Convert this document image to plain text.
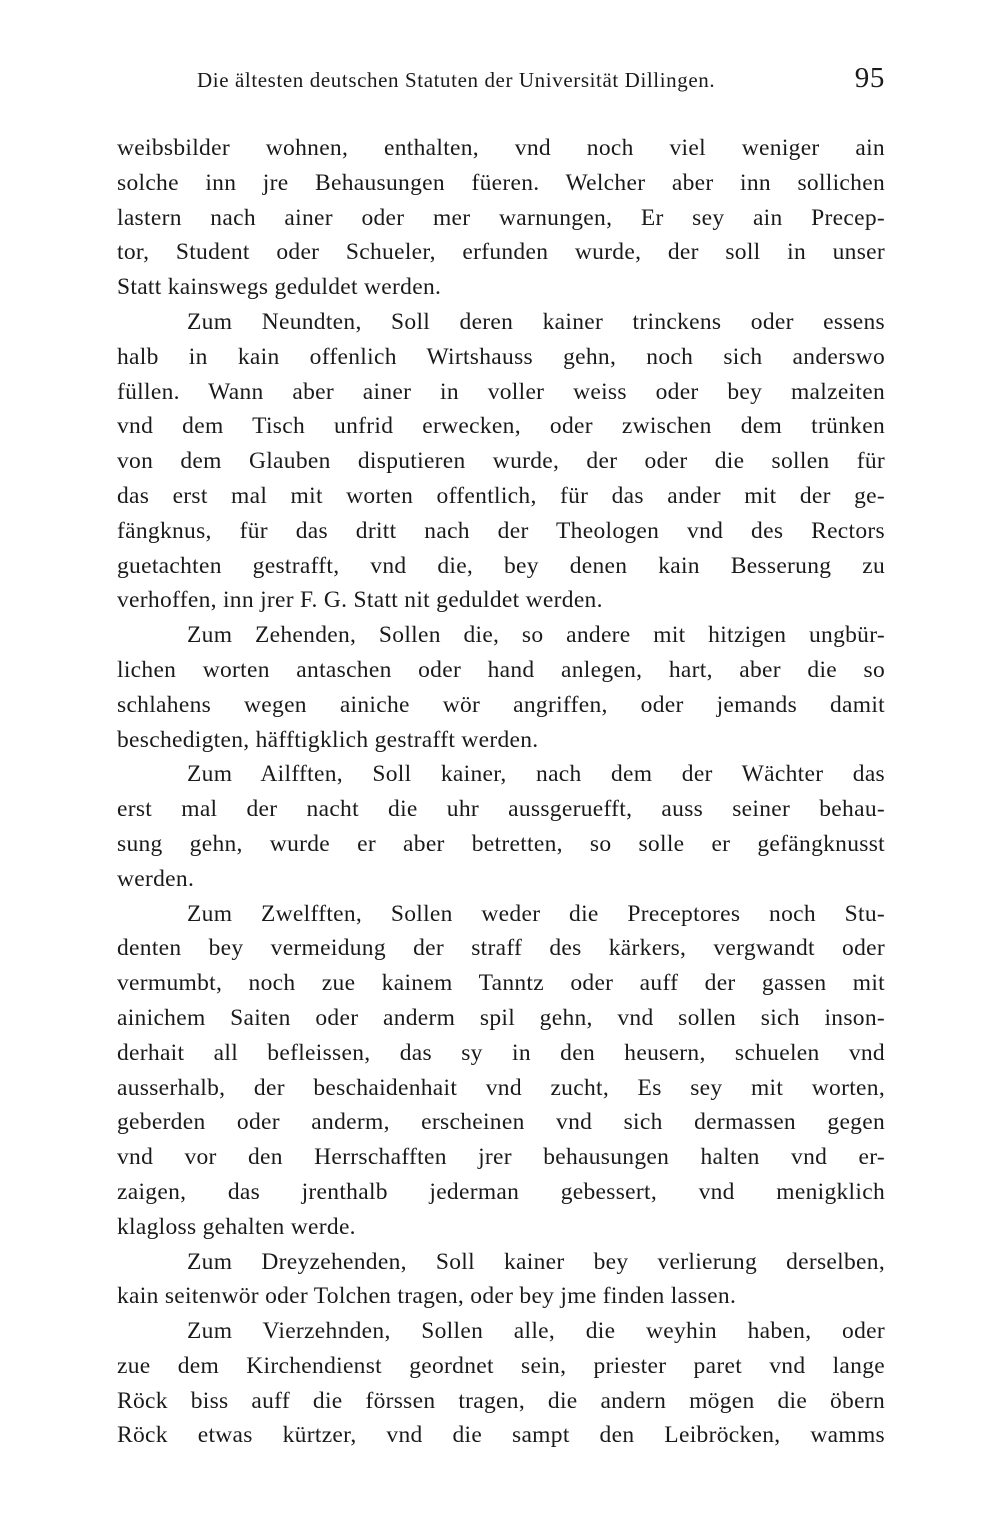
Die ältesten deutschen Statuten der Universität Dillingen.	95
weibsbilder wohnen, enthalten, vnd noch viel weniger ain
solche inn jre Behausungen füeren. Welcher aber inn sollichen
lastern nach ainer oder mer warnungen, Er sey ain Precep-
tor, Student oder Schueler, erfunden wurde, der soll in unser
Statt kainswegs geduldet werden.
Zum Neundten, Soll deren kainer trinckens oder essens
halb in kain offenlich Wirtshauss gehn, noch sich anderswo
füllen. Wann aber ainer in voller weiss oder bey malzeiten
vnd dem Tisch unfrid erwecken, oder zwischen dem trünken
von dem Glauben disputieren wurde, der oder die sollen für
das erst mal mit worten offentlich, für das ander mit der ge-
fängknus, für das dritt nach der Theologen vnd des Rectors
guetachten gestrafft, vnd die, bey denen kain Besserung zu
verhoffen, inn jrer F. G. Statt nit geduldet werden.
Zum Zehenden, Sollen die, so andere mit hitzigen ungbür-
lichen worten antaschen oder hand anlegen, hart, aber die so
schlahens wegen ainiche wör angriffen, oder jemands damit
beschedigten, häfftigklich gestrafft werden.
Zum Ailfften, Soll kainer, nach dem der Wächter das
erst mal der nacht die uhr aussgeruefft, auss seiner behau-
sung gehn, wurde er aber betretten, so solle er gefängknusst
werden.
Zum Zwelfften, Sollen weder die Preceptores noch Stu-
denten bey vermeidung der straff des kärkers, vergwandt oder
vermumbt, noch zue kainem Tanntz oder auff der gassen mit
ainichem Saiten oder anderm spil gehn, vnd sollen sich inson-
derhait all befleissen, das sy in den heusern, schuelen vnd
ausserhalb, der beschaidenhait vnd zucht, Es sey mit worten,
geberden oder anderm, erscheinen vnd sich dermassen gegen
vnd vor den Herrschafften jrer behausungen halten vnd er-
zaigen, das jrenthalb jederman gebessert, vnd menigklich
klagloss gehalten werde.
Zum Dreyzehenden, Soll kainer bey verlierung derselben,
kain seitenwör oder Tolchen tragen, oder bey jme finden lassen.
Zum Vierzehnden, Sollen alle, die weyhin haben, oder
zue dem Kirchendienst geordnet sein, priester paret vnd lange
Röck biss auff die förssen tragen, die andern mögen die öbern
Röck etwas kürtzer, vnd die sampt den Leibröcken, wamms
